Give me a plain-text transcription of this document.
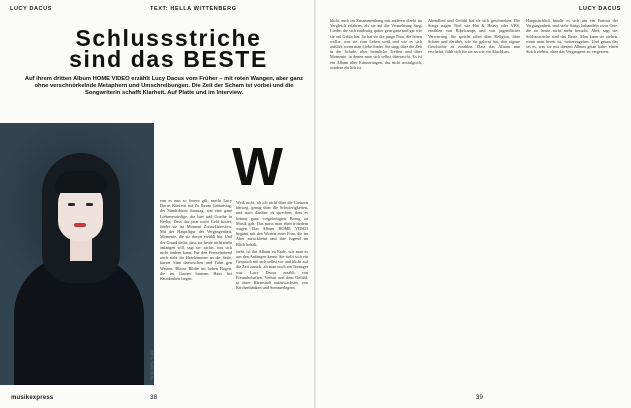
LUCY DACUS	TEXT: HELLA WITTENBERG
Schlussstriche
sind das BESTE
Auf ihrem dritten Album HOME VIDEO erzählt Lucy Dacus vom Früher – mit roten Wangen, aber ganz ohne verschnörkelnde Metaphern und Umschreibungen. Die Zeit der Scham ist vorbei und die Songwriterin schafft Klarheit. Auf Platte und im Interview.
FOTO: EBRU YILDIZ
W

enn es nun so feuern gilt, macht Lucy Dacus Konfetti auf Zu Ihrem Geburtstag, der Sinnlichkeit Sonntag, war eine ganz Liebenswürdige, die hier und Goethe in Berlin. Dass das jetzt nicht Geld kostet, findet sie im Moment Zoom-Interview. Mit der Hauptfigur der Vergangenheit, Momente, die sie davon erzählt hat. Und der Grund dafür, dass sie heute nicht mehr anfangen will, sagt sie: nichts, was sich nicht ändern kann. Für den Fernsehabend auch steht ihr Hotelzimmer an der Seite, kurzer Sinn dazwischen und Fahrt gen Westen. Blasse Bilder im hohen Bogen, die im Garten hinterm Haus bei Kronkorken liegen.

Weiß nicht, ob ich nicht über die Grenzen hinweg, genug über die Schwierigkeiten, und auch darüber zu sprechen, dass es keinen ganz vorgefertigten Bezug zu Musik gab. Das muss man eben trotzdem wagen. Das Album HOME VIDEO beginnt mit den Worten einer Frau, die im Alter zurückkehrt und ihre Jugend im Blick behält.

steht, ist das Album zu Ende, wie man es aus den Anfängen kennt. Sie stellt sich ein Gespräch mit sich selbst vor und blickt auf die Zeit zurück, als man noch ein Teenager war. Lucy Dacus erzählt von Freundschaften, Verlust und dem Gefühl, in einer Kleinstadt aufzuwachsen, von Kirchenbänken und Sommerlagern.

musikexpress	38
LUCY DACUS

blickt auch im Zusammenhang mit anderen direkt im Vergleich erfahren, als sie auf die Vermehrung Steg, Lieder, die sich eindeutig später gern ganz und gar wie sie auf Gehör hat. So hat sie die junge Frau, die hören wollte, was sie vom Leben weiß und wie es sich anfühlt, wenn man Liebe findet. Sie singt über die Zeit in der Schule, über heimliche Treffen und über Momente, in denen man sich selbst überrascht. Es ist ein Album über Erinnerungen, das nicht nostalgisch, sondern ehrlich ist.

Abendlied und Gefühl hat sie sich geschrieben. Die Songs tragen Titel wie Hot & Heavy oder VBS, erzählen von Bibelcamps und von jugendlicher Verwirrung. Sie spricht offen über Religion, über Scham und darüber, wie sie gelernt hat, ihre eigene Geschichte zu erzählen. Dass das Album nun erscheint, fühlt sich für sie an wie ein Abschluss.

Hauptsächlich handle es sich um ein Portrait der Vergangenheit, und viele Songs behandeln zwar Orte, die sie heute nicht mehr besucht. Aber, sagt sie, Schlussstriche sind das Beste. Man kann sie ziehen, wenn man bereit ist, weiterzugehen. Und genau das sei es, was sie mit diesem Album getan habe: einen Strich ziehen, ohne das Vergangene zu vergessen.

39
